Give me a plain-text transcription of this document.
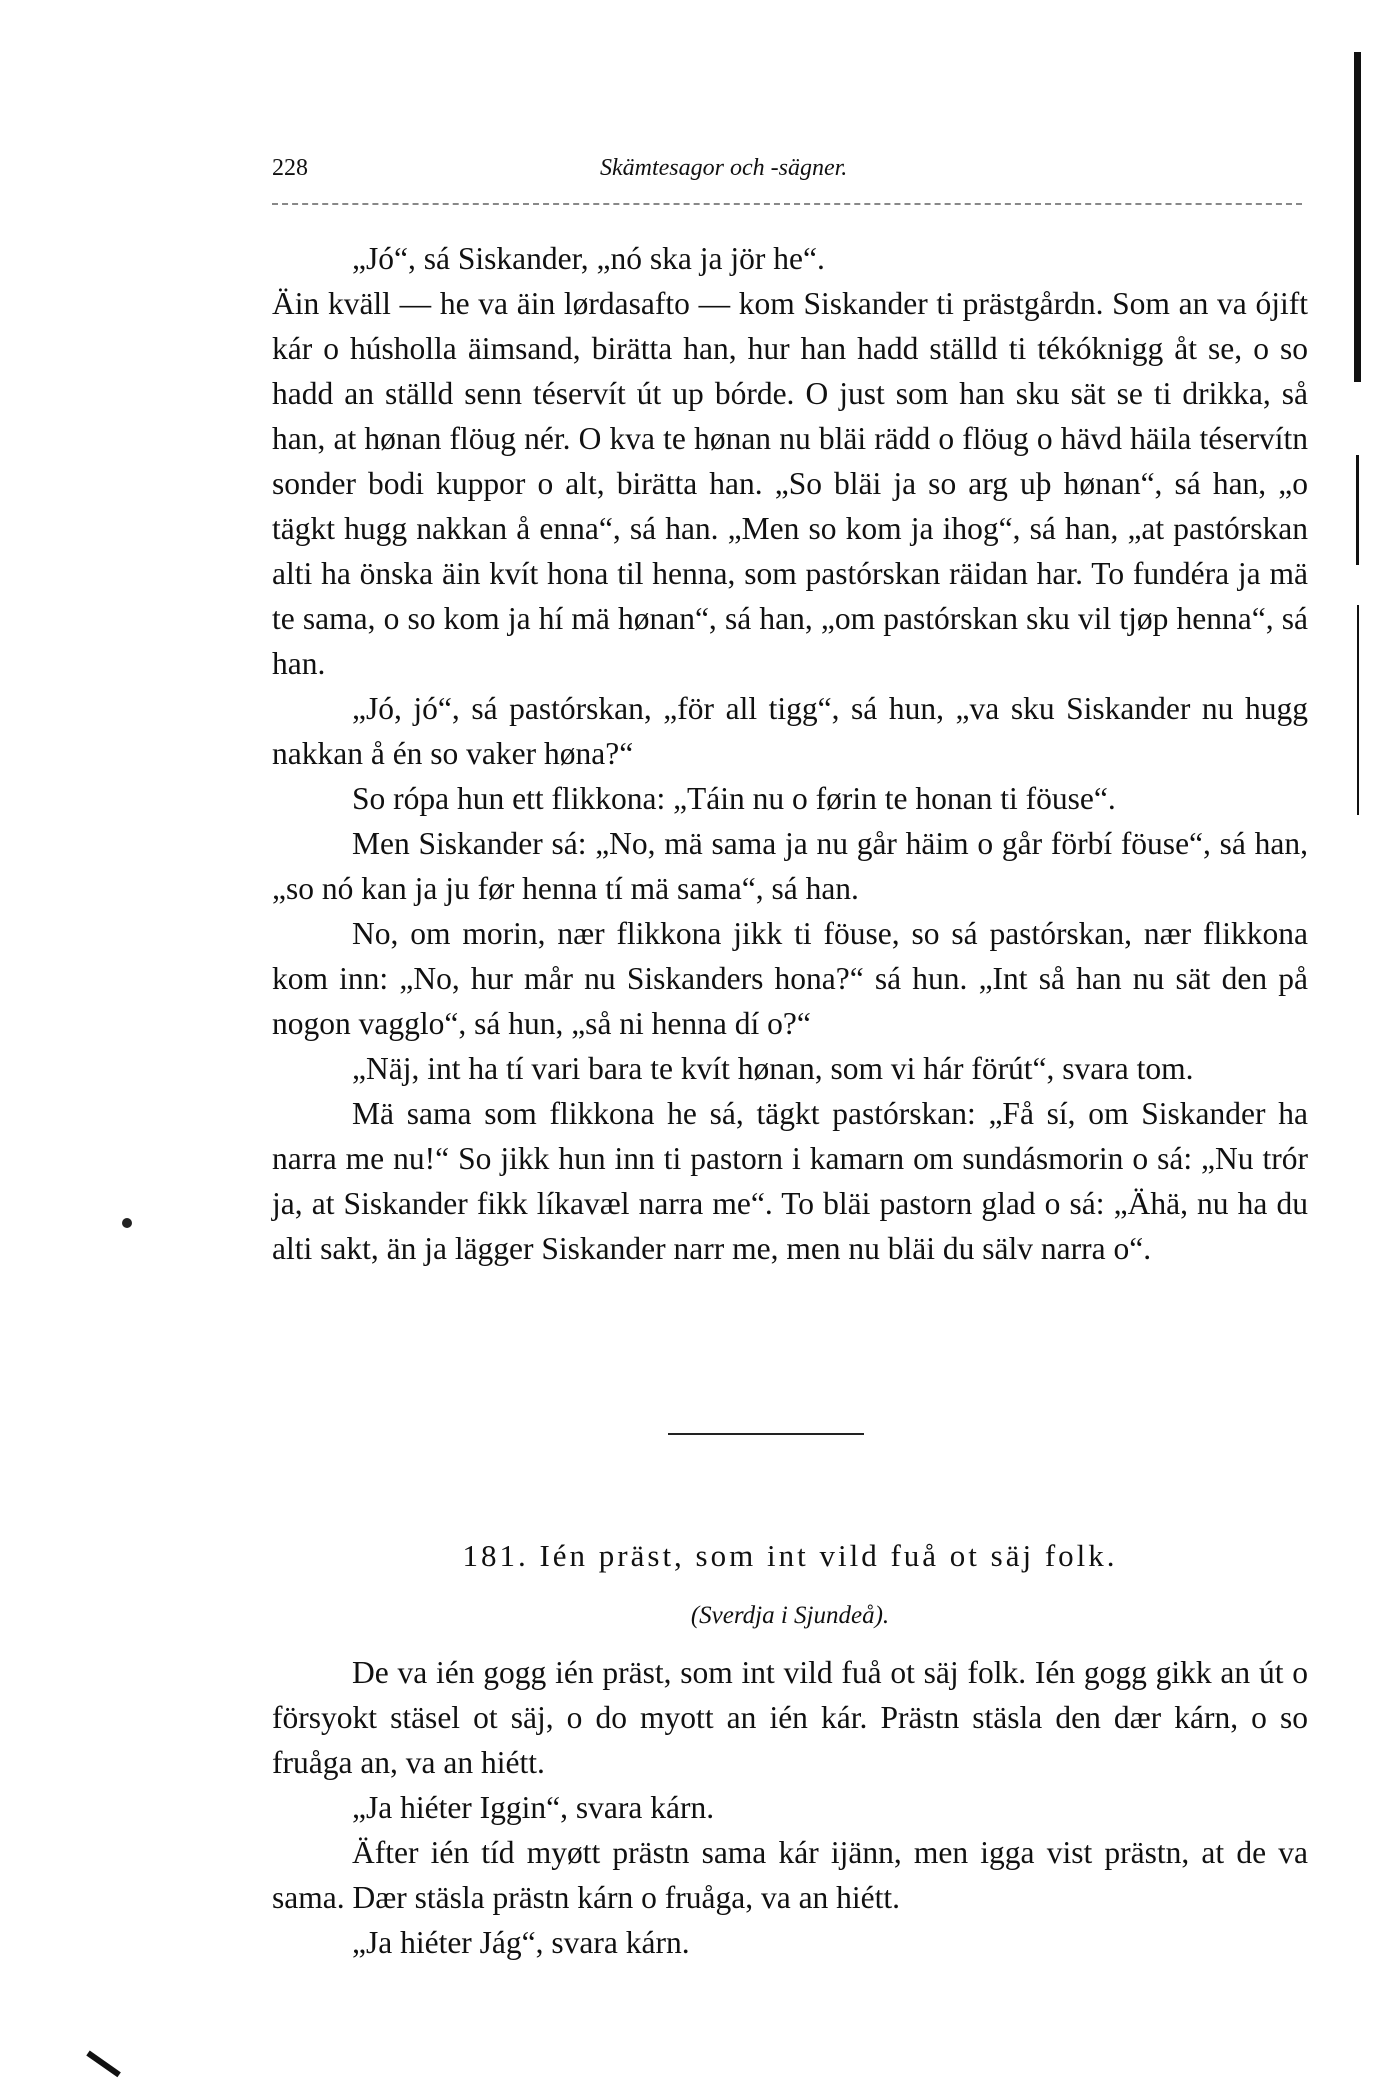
228	Skämtesagor och -sägner.

„Jó“, sá Siskander, „nó ska ja jör he“.

Äin kväll — he va äin lørdasafto — kom Siskander ti prästgårdn. Som an va ójift kár o húsholla äimsand, birätta han, hur han hadd ställd ti tékóknigg åt se, o so hadd an ställd senn téservít út up bórde. O just som han sku sät se ti drikka, så han, at hønan flöug nér. O kva te hønan nu bläi rädd o flöug o hävd häila téservítn sonder bodi kuppor o alt, birätta han. „So bläi ja so arg uþ hønan“, sá han, „o tägkt hugg nakkan å enna“, sá han. „Men so kom ja ihog“, sá han, „at pastórskan alti ha önska äin kvít hona til henna, som pastórskan räidan har. To fundéra ja mä te sama, o so kom ja hí mä hønan“, sá han, „om pastórskan sku vil tjøp henna“, sá han.

„Jó, jó“, sá pastórskan, „för all tigg“, sá hun, „va sku Siskander nu hugg nakkan å én so vaker høna?“

So rópa hun ett flikkona: „Táin nu o førin te honan ti föuse“.

Men Siskander sá: „No, mä sama ja nu går häim o går förbí föuse“, sá han, „so nó kan ja ju før henna tí mä sama“, sá han.

No, om morin, nær flikkona jikk ti föuse, so sá pastórskan, nær flikkona kom inn: „No, hur mår nu Siskanders hona?“ sá hun. „Int så han nu sät den på nogon vagglo“, sá hun, „så ni henna dí o?“

„Näj, int ha tí vari bara te kvít hønan, som vi hár förút“, svara tom.

Mä sama som flikkona he sá, tägkt pastórskan: „Få sí, om Siskander ha narra me nu!“ So jikk hun inn ti pastorn i kamarn om sundásmorin o sá: „Nu trór ja, at Siskander fikk líkavæl narra me“. To bläi pastorn glad o sá: „Ähä, nu ha du alti sakt, än ja lägger Siskander narr me, men nu bläi du sälv narra o“.

181. Ién präst, som int vild fuå ot säj folk.
(Sverdja i Sjundeå).

De va ién gogg ién präst, som int vild fuå ot säj folk. Ién gogg gikk an út o försyokt stäsel ot säj, o do myott an ién kár. Prästn stäsla den dær kárn, o so fruåga an, va an hiétt.

„Ja hiéter Iggin“, svara kárn.

Äfter ién tíd myøtt prästn sama kár ijänn, men igga vist prästn, at de va sama. Dær stäsla prästn kárn o fruåga, va an hiétt.

„Ja hiéter Jág“, svara kárn.
